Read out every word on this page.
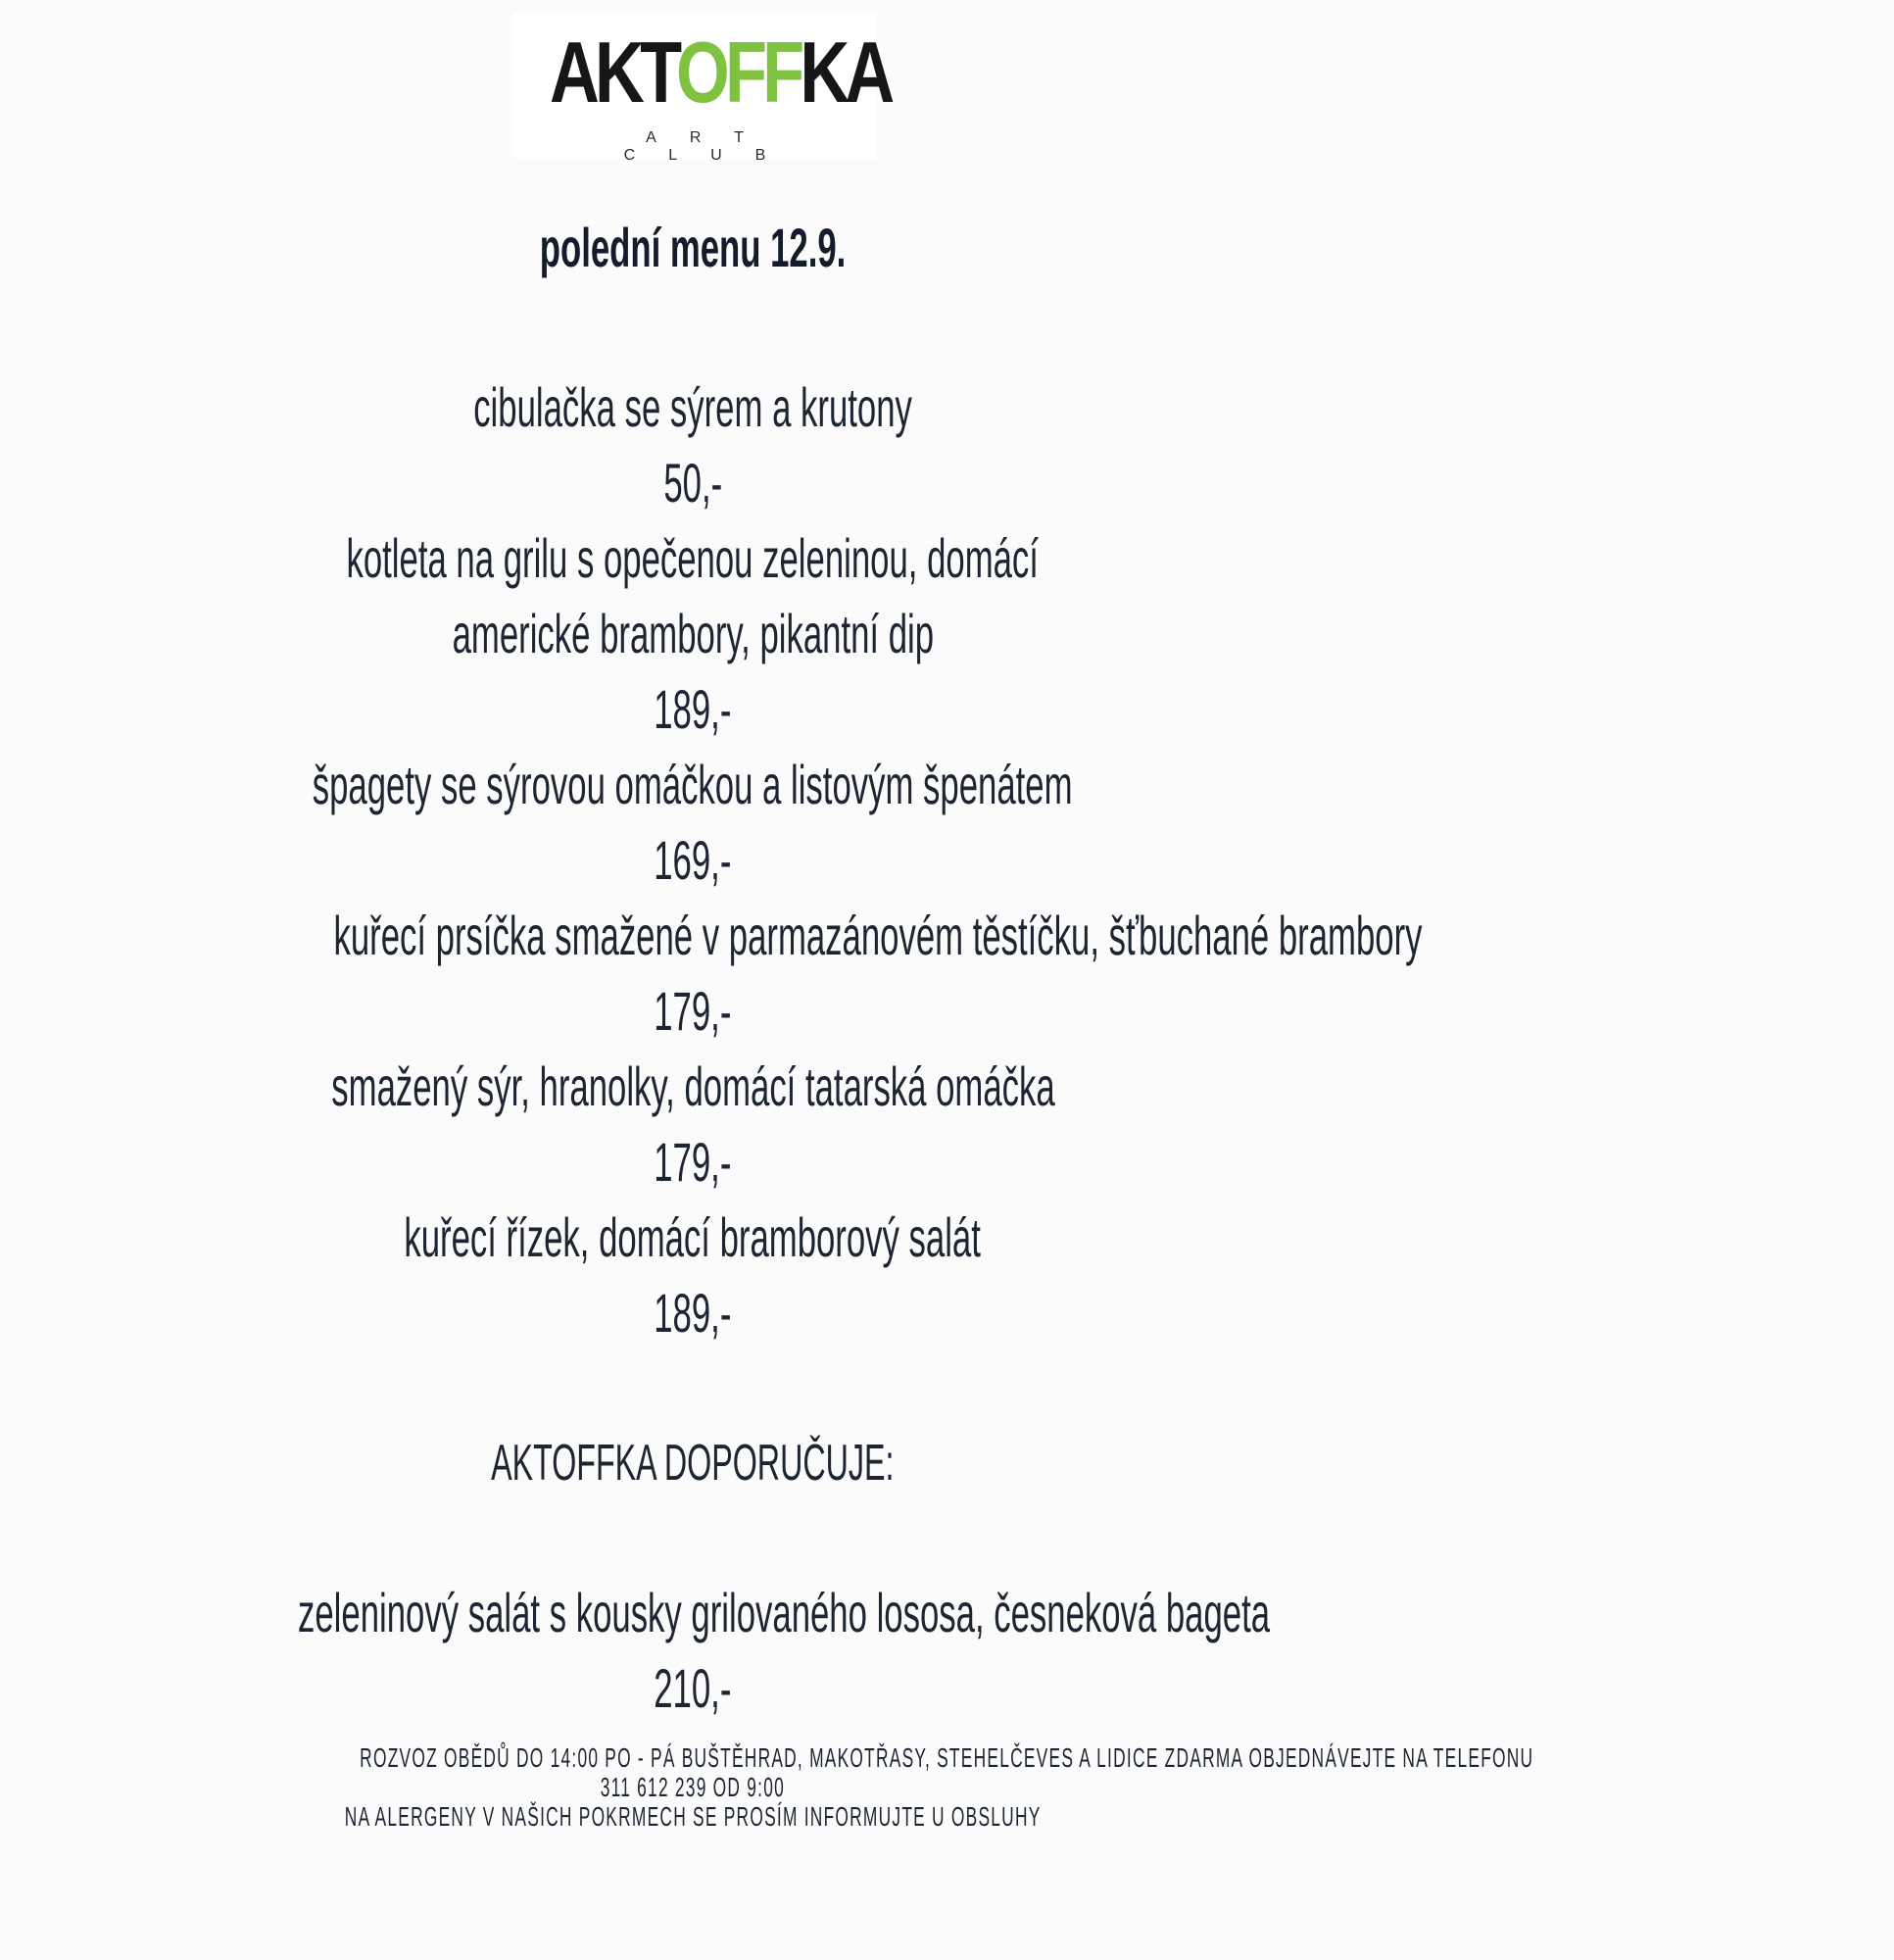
AKTOFFKA
ART CLUB
polední menu 12.9.
cibulačka se sýrem a krutony
50,-
kotleta na grilu s opečenou zeleninou, domácí
americké brambory, pikantní dip
189,-
špagety se sýrovou omáčkou a listovým špenátem
169,-
kuřecí prsíčka smažené v parmazánovém těstíčku, šťbuchané brambory
179,-
smažený sýr, hranolky, domácí tatarská omáčka
179,-
kuřecí řízek, domácí bramborový salát
189,-
AKTOFFKA DOPORUČUJE:
zeleninový salát s kousky grilovaného lososa, česneková bageta
210,-
ROZVOZ OBĚDŮ DO 14:00 PO - PÁ BUŠTĚHRAD, MAKOTŘASY, STEHELČEVES A LIDICE ZDARMA OBJEDNÁVEJTE NA TELEFONU
311 612 239 OD 9:00
NA ALERGENY V NAŠICH POKRMECH SE PROSÍM INFORMUJTE U OBSLUHY
